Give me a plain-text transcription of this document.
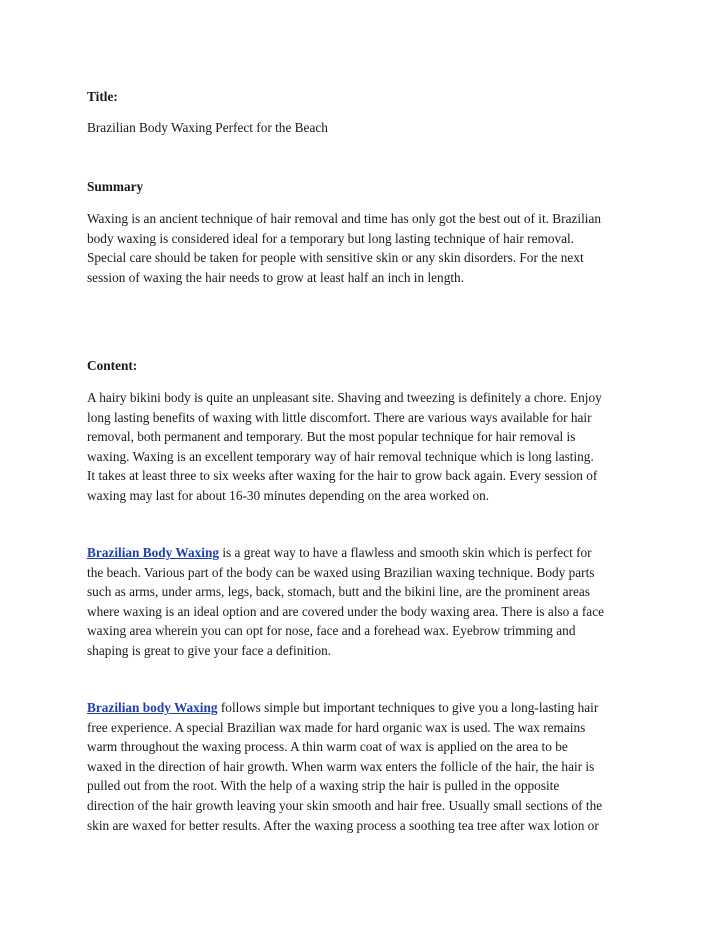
Title:

Brazilian Body Waxing Perfect for the Beach

Summary

Waxing is an ancient technique of hair removal and time has only got the best out of it. Brazilian
body waxing is considered ideal for a temporary but long lasting technique of hair removal.
Special care should be taken for people with sensitive skin or any skin disorders. For the next
session of waxing the hair needs to grow at least half an inch in length.

Content:

A hairy bikini body is quite an unpleasant site. Shaving and tweezing is definitely a chore. Enjoy
long lasting benefits of waxing with little discomfort. There are various ways available for hair
removal, both permanent and temporary. But the most popular technique for hair removal is
waxing. Waxing is an excellent temporary way of hair removal technique which is long lasting.
It takes at least three to six weeks after waxing for the hair to grow back again. Every session of
waxing may last for about 16-30 minutes depending on the area worked on.

Brazilian Body Waxing is a great way to have a flawless and smooth skin which is perfect for
the beach. Various part of the body can be waxed using Brazilian waxing technique. Body parts
such as arms, under arms, legs, back, stomach, butt and the bikini line, are the prominent areas
where waxing is an ideal option and are covered under the body waxing area. There is also a face
waxing area wherein you can opt for nose, face and a forehead wax. Eyebrow trimming and
shaping is great to give your face a definition.

Brazilian body Waxing follows simple but important techniques to give you a long-lasting hair
free experience. A special Brazilian wax made for hard organic wax is used. The wax remains
warm throughout the waxing process. A thin warm coat of wax is applied on the area to be
waxed in the direction of hair growth. When warm wax enters the follicle of the hair, the hair is
pulled out from the root. With the help of a waxing strip the hair is pulled in the opposite
direction of the hair growth leaving your skin smooth and hair free. Usually small sections of the
skin are waxed for better results. After the waxing process a soothing tea tree after wax lotion or
